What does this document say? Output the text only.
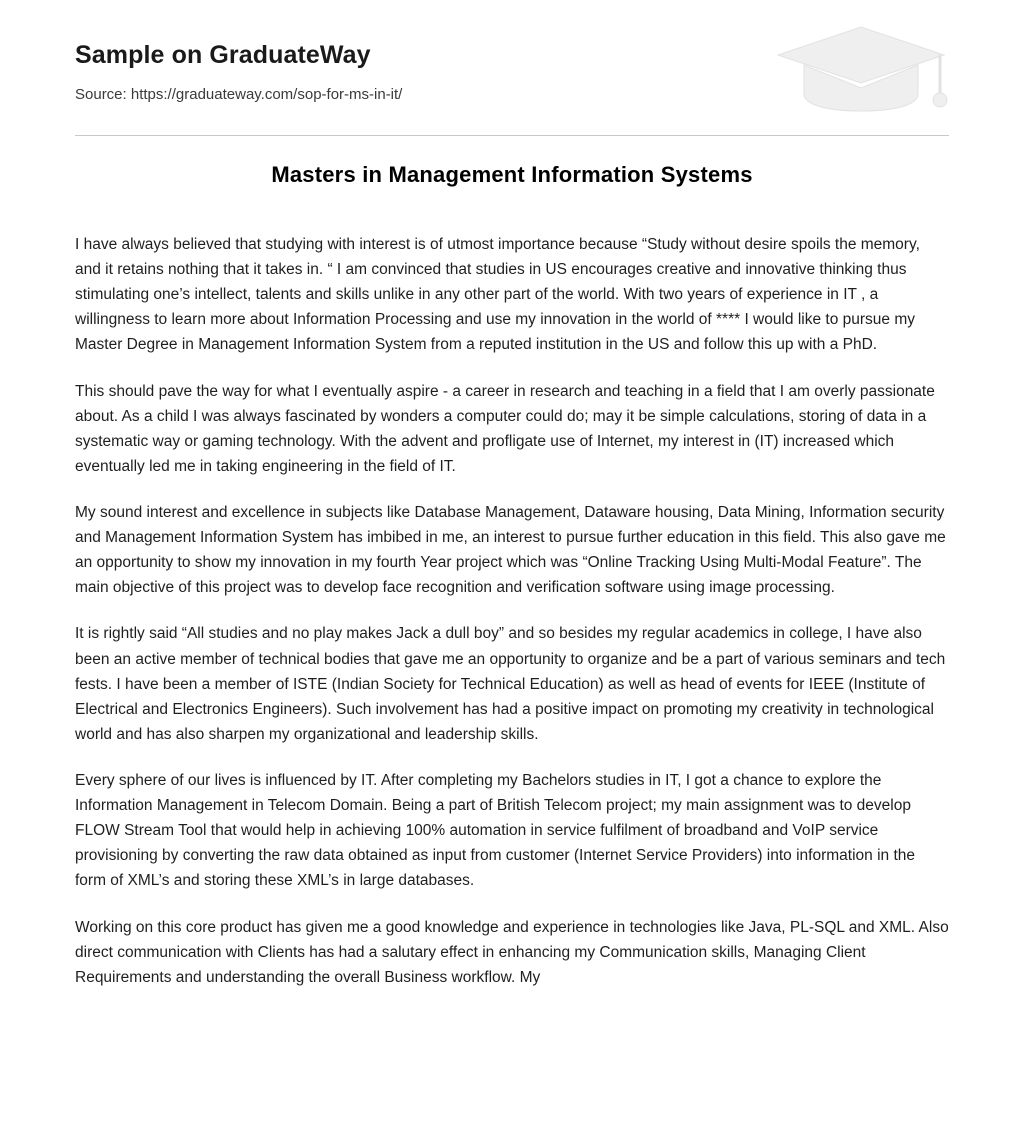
Sample on GraduateWay
Source: https://graduateway.com/sop-for-ms-in-it/
Masters in Management Information Systems

I have always believed that studying with interest is of utmost importance because “Study without desire spoils the memory, and it retains nothing that it takes in. “ I am convinced that studies in US encourages creative and innovative thinking thus stimulating one’s intellect, talents and skills unlike in any other part of the world. With two years of experience in IT , a willingness to learn more about Information Processing and use my innovation in the world of **** I would like to pursue my Master Degree in Management Information System from a reputed institution in the US and follow this up with a PhD.

This should pave the way for what I eventually aspire - a career in research and teaching in a field that I am overly passionate about. As a child I was always fascinated by wonders a computer could do; may it be simple calculations, storing of data in a systematic way or gaming technology. With the advent and profligate use of Internet, my interest in (IT) increased which eventually led me in taking engineering in the field of IT.

My sound interest and excellence in subjects like Database Management, Dataware housing, Data Mining, Information security and Management Information System has imbibed in me, an interest to pursue further education in this field. This also gave me an opportunity to show my innovation in my fourth Year project which was “Online Tracking Using Multi-Modal Feature”. The main objective of this project was to develop face recognition and verification software using image processing.

It is rightly said “All studies and no play makes Jack a dull boy” and so besides my regular academics in college, I have also been an active member of technical bodies that gave me an opportunity to organize and be a part of various seminars and tech fests. I have been a member of ISTE (Indian Society for Technical Education) as well as head of events for IEEE (Institute of Electrical and Electronics Engineers). Such involvement has had a positive impact on promoting my creativity in technological world and has also sharpen my organizational and leadership skills.

Every sphere of our lives is influenced by IT. After completing my Bachelors studies in IT, I got a chance to explore the Information Management in Telecom Domain. Being a part of British Telecom project; my main assignment was to develop FLOW Stream Tool that would help in achieving 100% automation in service fulfilment of broadband and VoIP service provisioning by converting the raw data obtained as input from customer (Internet Service Providers) into information in the form of XML’s and storing these XML’s in large databases.

Working on this core product has given me a good knowledge and experience in technologies like Java, PL-SQL and XML. Also direct communication with Clients has had a salutary effect in enhancing my Communication skills, Managing Client Requirements and understanding the overall Business workflow. My
